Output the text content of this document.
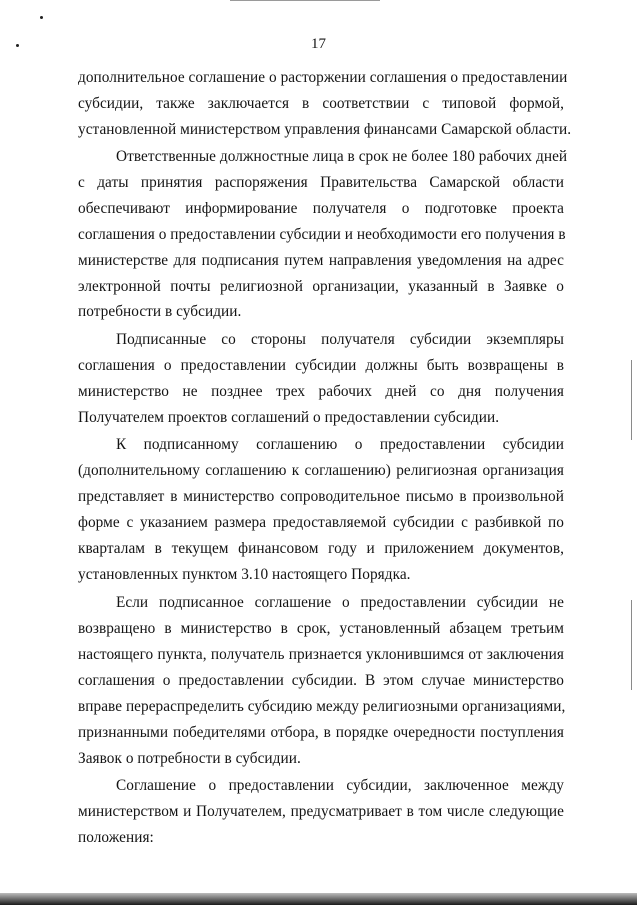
17
дополнительное соглашение о расторжении соглашения о предоставлении
субсидии, также заключается в соответствии с типовой формой,
установленной министерством управления финансами Самарской области.
Ответственные должностные лица в срок не более 180 рабочих дней
с даты принятия распоряжения Правительства Самарской области
обеспечивают информирование получателя о подготовке проекта
соглашения о предоставлении субсидии и необходимости его получения в
министерстве для подписания путем направления уведомления на адрес
электронной почты религиозной организации, указанный в Заявке о
потребности в субсидии.
Подписанные со стороны получателя субсидии экземпляры
соглашения о предоставлении субсидии должны быть возвращены в
министерство не позднее трех рабочих дней со дня получения
Получателем проектов соглашений о предоставлении субсидии.
К подписанному соглашению о предоставлении субсидии
(дополнительному соглашению к соглашению) религиозная организация
представляет в министерство сопроводительное письмо в произвольной
форме с указанием размера предоставляемой субсидии с разбивкой по
кварталам в текущем финансовом году и приложением документов,
установленных пунктом 3.10 настоящего Порядка.
Если подписанное соглашение о предоставлении субсидии не
возвращено в министерство в срок, установленный абзацем третьим
настоящего пункта, получатель признается уклонившимся от заключения
соглашения о предоставлении субсидии. В этом случае министерство
вправе перераспределить субсидию между религиозными организациями,
признанными победителями отбора, в порядке очередности поступления
Заявок о потребности в субсидии.
Соглашение о предоставлении субсидии, заключенное между
министерством и Получателем, предусматривает в том числе следующие
положения:
